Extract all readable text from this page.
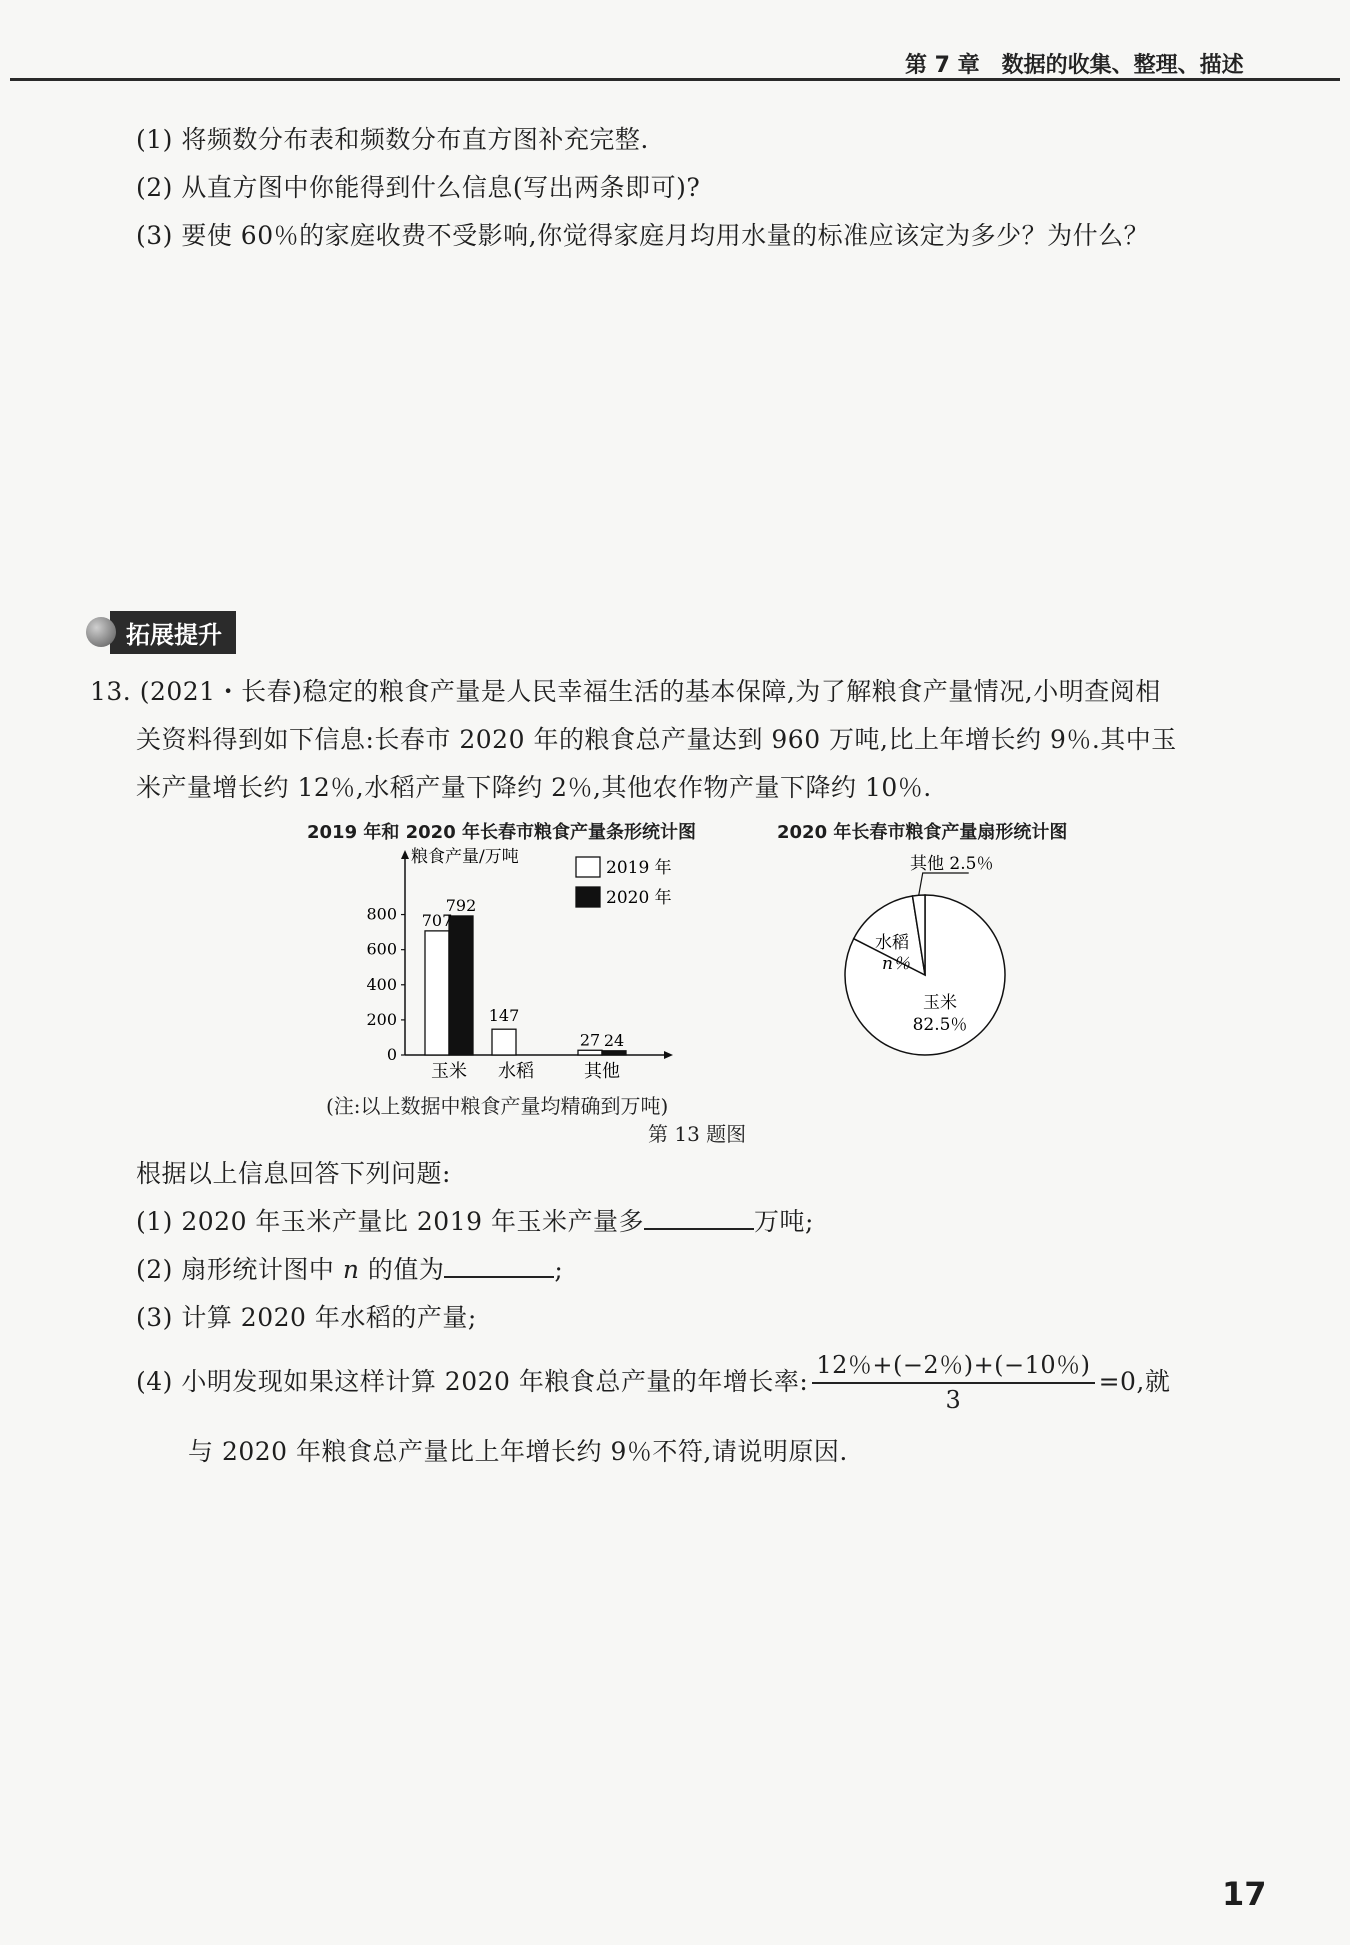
第 7 章　数据的收集、整理、描述
(1) 将频数分布表和频数分布直方图补充完整.
(2) 从直方图中你能得到什么信息(写出两条即可)?
(3) 要使 60％的家庭收费不受影响,你觉得家庭月均用水量的标准应该定为多少？为什么？
拓展提升
13. (2021・长春)稳定的粮食产量是人民幸福生活的基本保障,为了解粮食产量情况,小明查阅相
关资料得到如下信息:长春市 2020 年的粮食总产量达到 960 万吨,比上年增长约 9％.其中玉
米产量增长约 12％,水稻产量下降约 2％,其他农作物产量下降约 10％.
2019 年和 2020 年长春市粮食产量条形统计图
粮食产量/万吨
0
200
400
600
800 707
792
玉米
147
水稻
27 24
其他
2019 年
2020 年
2020 年长春市粮食产量扇形统计图
玉米
82.5％
水稻
n％
其他 2.5％
(注:以上数据中粮食产量均精确到万吨)
第 13 题图
根据以上信息回答下列问题:
(1) 2020 年玉米产量比 2019 年玉米产量多	万吨;
(2) 扇形统计图中 n 的值为	;
(3) 计算 2020 年水稻的产量;
(4) 小明发现如果这样计算 2020 年粮食总产量的年增长率: $\frac{12\%+(-2\%)+(-10\%)}{3} =0$,就
与 2020 年粮食总产量比上年增长约 9％不符,请说明原因.
17
